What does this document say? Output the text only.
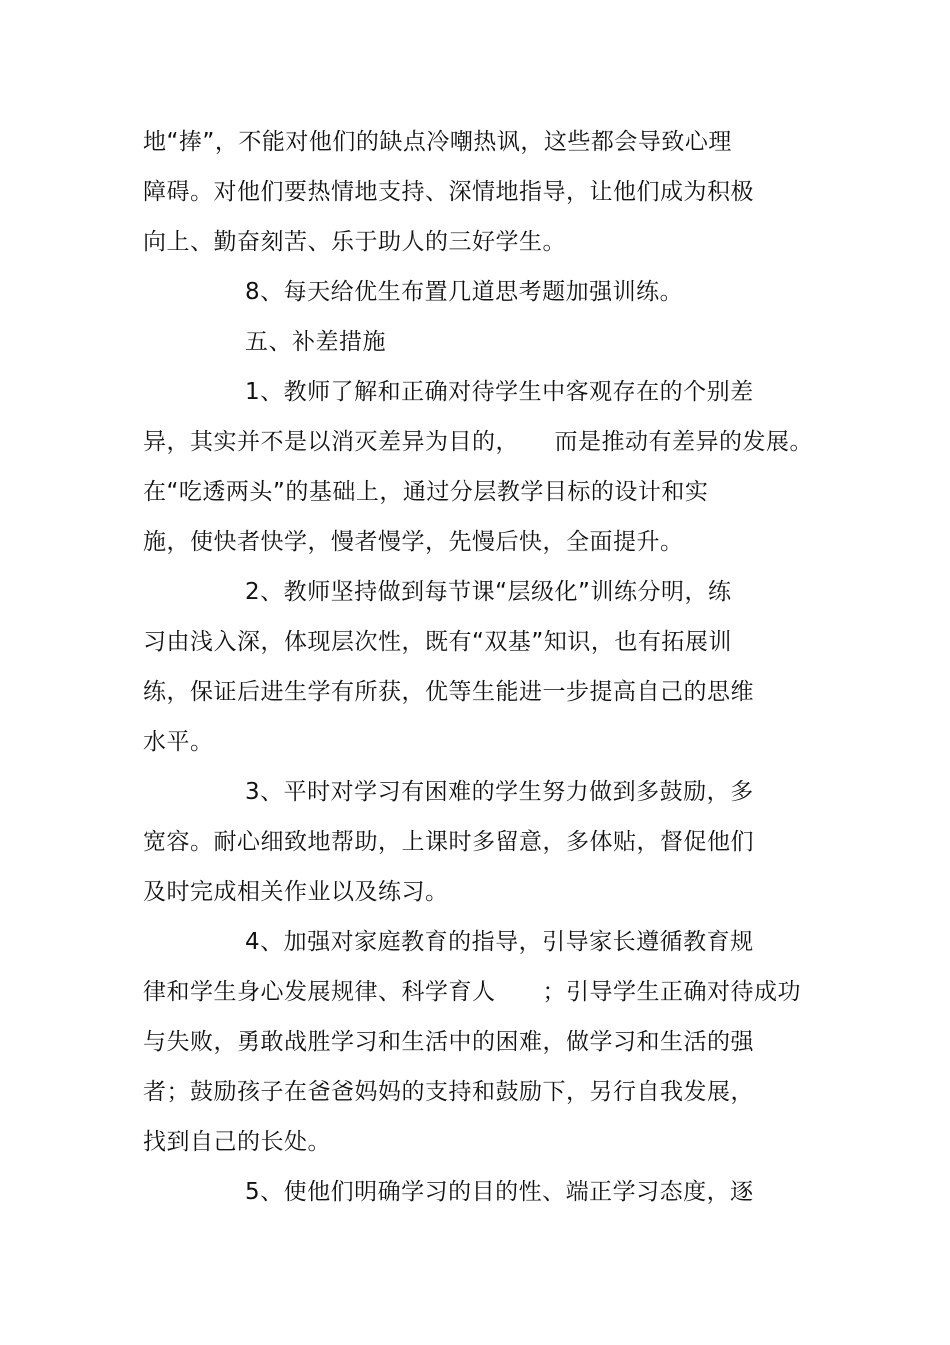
地“捧”，不能对他们的缺点冷嘲热讽，这些都会导致心理
障碍。对他们要热情地支持、深情地指导，让他们成为积极
向上、勤奋刻苦、乐于助人的三好学生。
8、每天给优生布置几道思考题加强训练。
五、补差措施
1、教师了解和正确对待学生中客观存在的个别差
异，其实并不是以消灭差异为目的，　　而是推动有差异的发展。
在“吃透两头”的基础上，通过分层教学目标的设计和实
施，使快者快学，慢者慢学，先慢后快，全面提升。
2、教师坚持做到每节课“层级化”训练分明，练
习由浅入深，体现层次性，既有“双基”知识，也有拓展训
练，保证后进生学有所获，优等生能进一步提高自己的思维
水平。
3、平时对学习有困难的学生努力做到多鼓励，多
宽容。耐心细致地帮助，上课时多留意，多体贴，督促他们
及时完成相关作业以及练习。
4、加强对家庭教育的指导，引导家长遵循教育规
律和学生身心发展规律、科学育人　　；引导学生正确对待成功
与失败，勇敢战胜学习和生活中的困难，做学习和生活的强
者；鼓励孩子在爸爸妈妈的支持和鼓励下，另行自我发展，
找到自己的长处。
5、使他们明确学习的目的性、端正学习态度，逐
